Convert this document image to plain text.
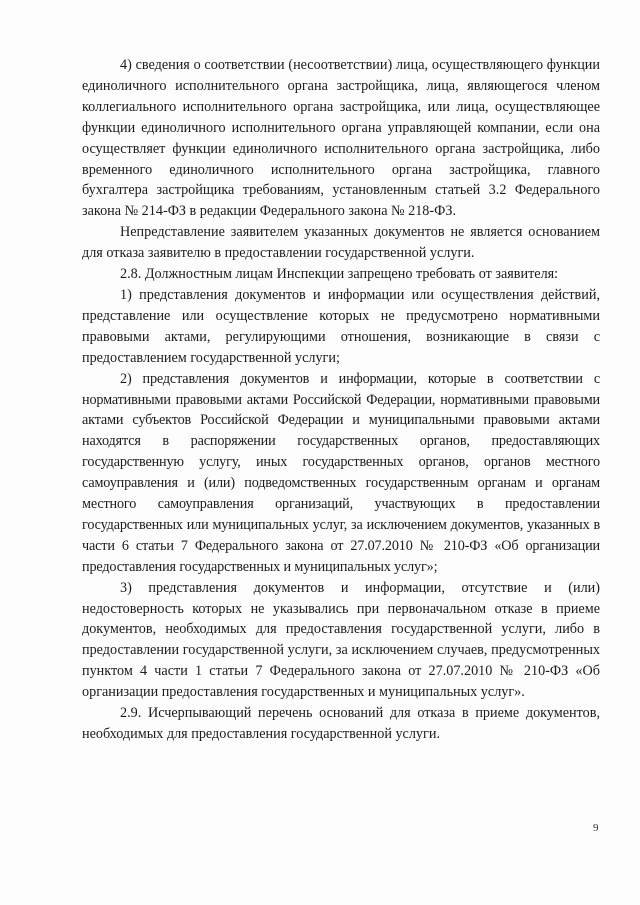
4) сведения о соответствии (несоответствии) лица, осуществляющего функции единоличного исполнительного органа застройщика, лица, являющегося членом коллегиального исполнительного органа застройщика, или лица, осуществляющее функции единоличного исполнительного органа управляющей компании, если она осуществляет функции единоличного исполнительного органа застройщика, либо временного единоличного исполнительного органа застройщика, главного бухгалтера застройщика требованиям, установленным статьей 3.2 Федерального закона № 214-ФЗ в редакции Федерального закона № 218-ФЗ.

Непредставление заявителем указанных документов не является основанием для отказа заявителю в предоставлении государственной услуги.

2.8. Должностным лицам Инспекции запрещено требовать от заявителя:

1) представления документов и информации или осуществления действий, представление или осуществление которых не предусмотрено нормативными правовыми актами, регулирующими отношения, возникающие в связи с предоставлением государственной услуги;

2) представления документов и информации, которые в соответствии с нормативными правовыми актами Российской Федерации, нормативными правовыми актами субъектов Российской Федерации и муниципальными правовыми актами находятся в распоряжении государственных органов, предоставляющих государственную услугу, иных государственных органов, органов местного самоуправления и (или) подведомственных государственным органам и органам местного самоуправления организаций, участвующих в предоставлении государственных или муниципальных услуг, за исключением документов, указанных в части 6 статьи 7 Федерального закона от 27.07.2010 № 210-ФЗ «Об организации предоставления государственных и муниципальных услуг»;

3) представления документов и информации, отсутствие и (или) недостоверность которых не указывались при первоначальном отказе в приеме документов, необходимых для предоставления государственной услуги, либо в предоставлении государственной услуги, за исключением случаев, предусмотренных пунктом 4 части 1 статьи 7 Федерального закона от 27.07.2010 № 210-ФЗ «Об организации предоставления государственных и муниципальных услуг».

2.9. Исчерпывающий перечень оснований для отказа в приеме документов, необходимых для предоставления государственной услуги.

9
